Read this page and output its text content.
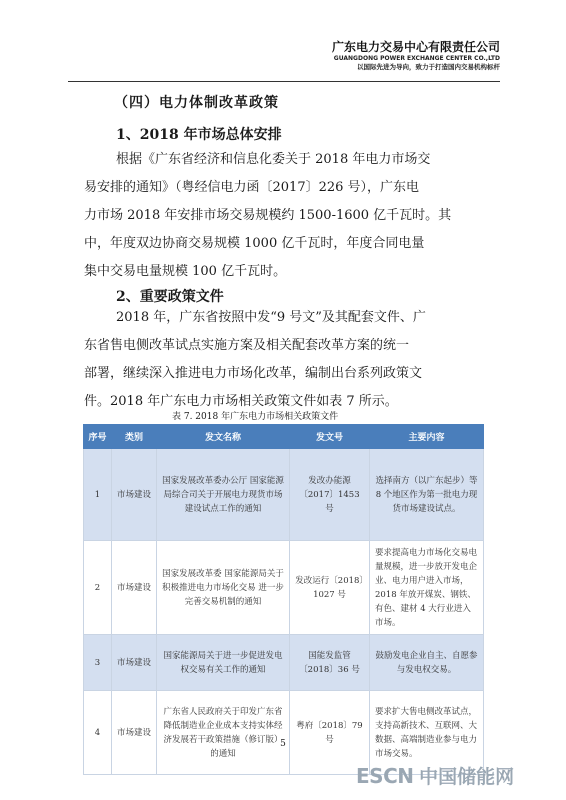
广东电力交易中心有限责任公司
GUANGDONG POWER EXCHANGE CENTER CO.,LTD
以国际先进为导向，致力于打造国内交易机构标杆
（四）电力体制改革政策
1、2018 年市场总体安排
根据《广东省经济和信息化委关于 2018 年电力市场交
易安排的通知》（粤经信电力函〔2017〕226 号），广东电
力市场 2018 年安排市场交易规模约 1500-1600 亿千瓦时。其
中，年度双边协商交易规模 1000 亿千瓦时，年度合同电量
集中交易电量规模 100 亿千瓦时。
2、重要政策文件
2018 年，广东省按照中发“9 号文”及其配套文件、广
东省售电侧改革试点实施方案及相关配套改革方案的统一
部署，继续深入推进电力市场化改革，编制出台系列政策文
件。2018 年广东电力市场相关政策文件如表 7 所示。
表 7. 2018 年广东电力市场相关政策文件
序号	类别	发文名称	发文号	主要内容
1	市场建设	国家发展改革委办公厅 国家能源局综合司关于开展电力现货市场建设试点工作的通知	发改办能源〔2017〕1453 号	选择南方（以广东起步）等 8 个地区作为第一批电力现货市场建设试点。
2	市场建设	国家发展改革委 国家能源局关于积极推进电力市场化交易 进一步完善交易机制的通知	发改运行〔2018〕1027 号	要求提高电力市场化交易电量规模，进一步放开发电企业、电力用户进入市场，2018 年放开煤炭、钢铁、有色、建材 4 大行业进入市场。
3	市场建设	国家能源局关于进一步促进发电权交易有关工作的通知	国能发监管〔2018〕36 号	鼓励发电企业自主、自愿参与发电权交易。
4	市场建设	广东省人民政府关于印发广东省降低制造业企业成本支持实体经济发展若干政策措施（修订版）的通知	粤府〔2018〕79 号	要求扩大售电侧改革试点，支持高新技术、互联网、大数据、高端制造业参与电力市场交易。
5
ESCN 中国储能网
